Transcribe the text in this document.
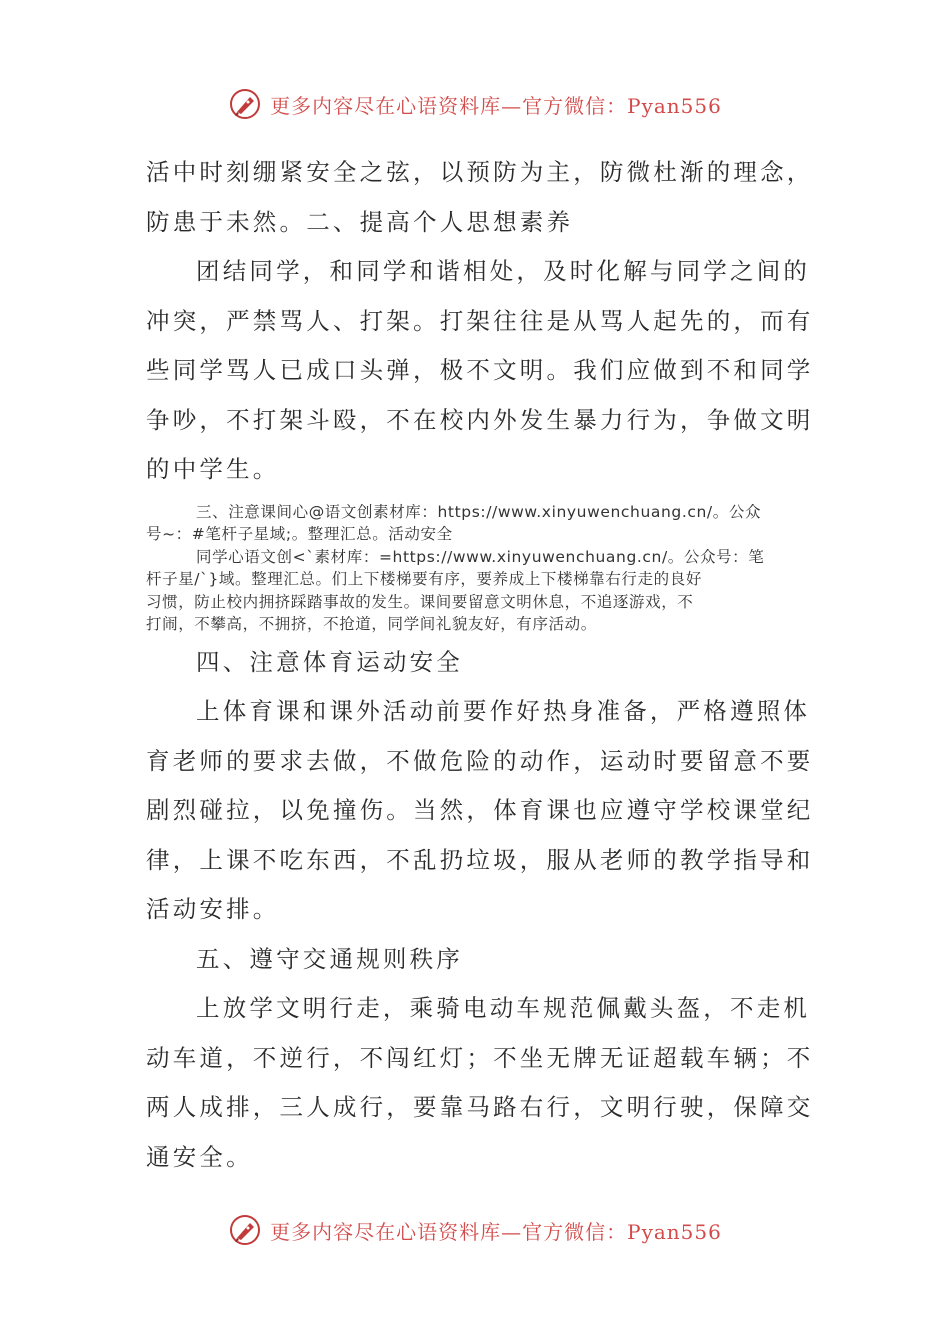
更多内容尽在心语资料库—官方微信：Pyan556
活中时刻绷紧安全之弦，以预防为主，防微杜渐的理念，
防患于未然。二、提高个人思想素养
团结同学，和同学和谐相处，及时化解与同学之间的
冲突，严禁骂人、打架。打架往往是从骂人起先的，而有
些同学骂人已成口头弹，极不文明。我们应做到不和同学
争吵，不打架斗殴，不在校内外发生暴力行为，争做文明
的中学生。
三、注意课间心@语文创素材库：https://www.xinyuwenchuang.cn/。公众
号~：#笔杆子星域;。整理汇总。活动安全
同学心语文创<`素材库：=https://www.xinyuwenchuang.cn/。公众号：笔
杆子星/`}域。整理汇总。们上下楼梯要有序，要养成上下楼梯靠右行走的良好
习惯，防止校内拥挤踩踏事故的发生。课间要留意文明休息，不追逐游戏，不
打闹，不攀高，不拥挤，不抢道，同学间礼貌友好，有序活动。
四、注意体育运动安全
上体育课和课外活动前要作好热身准备，严格遵照体
育老师的要求去做，不做危险的动作，运动时要留意不要
剧烈碰拉，以免撞伤。当然，体育课也应遵守学校课堂纪
律，上课不吃东西，不乱扔垃圾，服从老师的教学指导和
活动安排。
五、遵守交通规则秩序
上放学文明行走，乘骑电动车规范佩戴头盔，不走机
动车道，不逆行，不闯红灯；不坐无牌无证超载车辆；不
两人成排，三人成行，要靠马路右行，文明行驶，保障交
通安全。
更多内容尽在心语资料库—官方微信：Pyan556
